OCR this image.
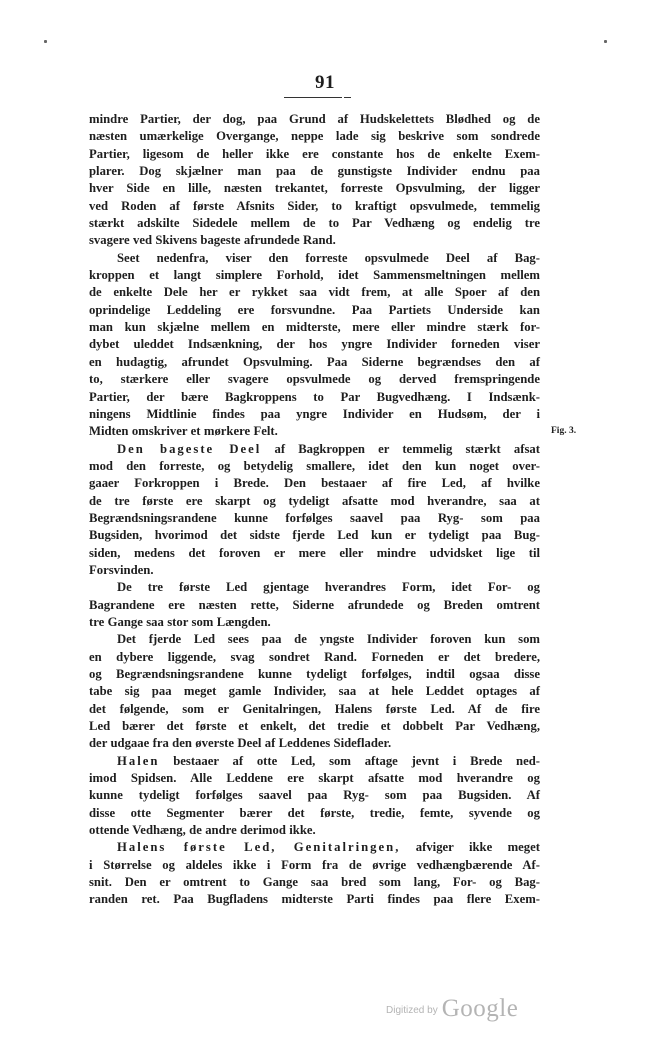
91
mindre Partier, der dog, paa Grund af Hudskelettets Blødhed og de
næsten umærkelige Overgange, neppe lade sig beskrive som sondrede
Partier, ligesom de heller ikke ere constante hos de enkelte Exem-
plarer. Dog skjælner man paa de gunstigste Individer endnu paa
hver Side en lille, næsten trekantet, forreste Opsvulming, der ligger
ved Roden af første Afsnits Sider, to kraftigt opsvulmede, temmelig
stærkt adskilte Sidedele mellem de to Par Vedhæng og endelig tre
svagere ved Skivens bageste afrundede Rand.
Seet nedenfra, viser den forreste opsvulmede Deel af Bag-
kroppen et langt simplere Forhold, idet Sammensmeltningen mellem
de enkelte Dele her er rykket saa vidt frem, at alle Spoer af den
oprindelige Leddeling ere forsvundne. Paa Partiets Underside kan
man kun skjælne mellem en midterste, mere eller mindre stærk for-
dybet uleddet Indsænkning, der hos yngre Individer forneden viser
en hudagtig, afrundet Opsvulming. Paa Siderne begrændses den af
to, stærkere eller svagere opsvulmede og derved fremspringende
Partier, der bære Bagkroppens to Par Bugvedhæng. I Indsænk-
ningens Midtlinie findes paa yngre Individer en Hudsøm, der i
Midten omskriver et mørkere Felt.
Den bageste Deel af Bagkroppen er temmelig stærkt afsat
mod den forreste, og betydelig smallere, idet den kun noget over-
gaaer Forkroppen i Brede. Den bestaaer af fire Led, af hvilke
de tre første ere skarpt og tydeligt afsatte mod hverandre, saa at
Begrændsningsrandene kunne forfølges saavel paa Ryg- som paa
Bugsiden, hvorimod det sidste fjerde Led kun er tydeligt paa Bug-
siden, medens det foroven er mere eller mindre udvidsket lige til
Forsvinden.
De tre første Led gjentage hverandres Form, idet For- og
Bagrandene ere næsten rette, Siderne afrundede og Breden omtrent
tre Gange saa stor som Længden.
Det fjerde Led sees paa de yngste Individer foroven kun som
en dybere liggende, svag sondret Rand. Forneden er det bredere,
og Begrændsningsrandene kunne tydeligt forfølges, indtil ogsaa disse
tabe sig paa meget gamle Individer, saa at hele Leddet optages af
det følgende, som er Genitalringen, Halens første Led. Af de fire
Led bærer det første et enkelt, det tredie et dobbelt Par Vedhæng,
der udgaae fra den øverste Deel af Leddenes Sideflader.
Halen bestaaer af otte Led, som aftage jevnt i Brede ned-
imod Spidsen. Alle Leddene ere skarpt afsatte mod hverandre og
kunne tydeligt forfølges saavel paa Ryg- som paa Bugsiden. Af
disse otte Segmenter bærer det første, tredie, femte, syvende og
ottende Vedhæng, de andre derimod ikke.
Halens første Led, Genitalringen, afviger ikke meget
i Størrelse og aldeles ikke i Form fra de øvrige vedhængbærende Af-
snit. Den er omtrent to Gange saa bred som lang, For- og Bag-
randen ret. Paa Bugfladens midterste Parti findes paa flere Exem-
Fig. 3.
Digitized by Google
